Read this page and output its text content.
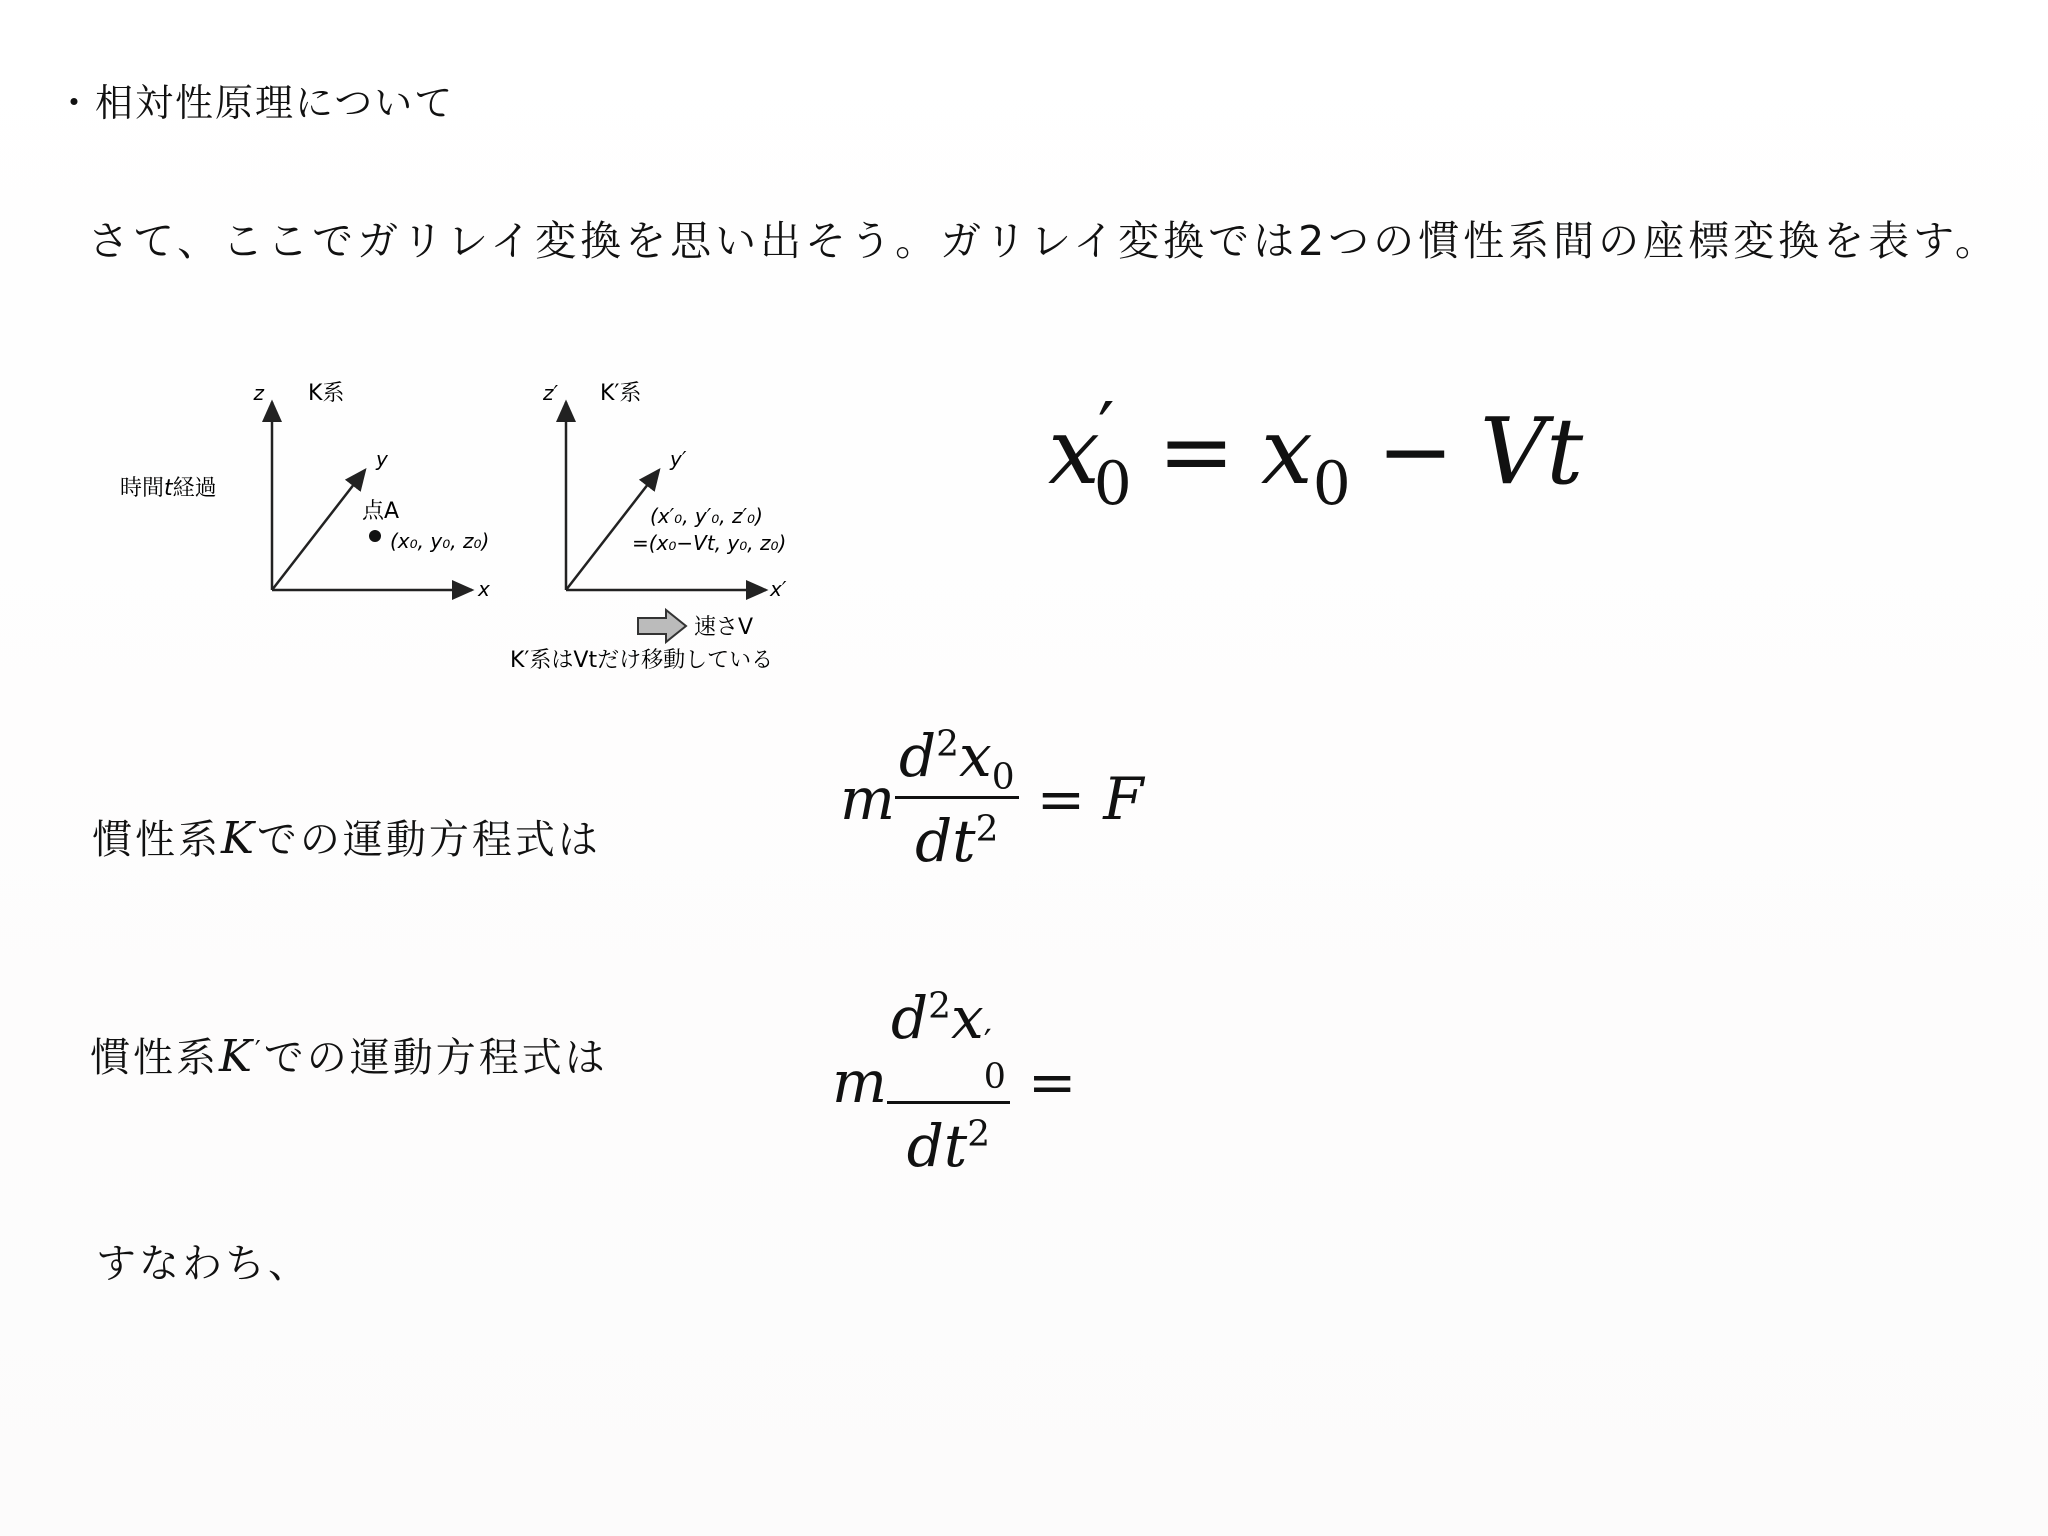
・相対性原理について
さて、ここでガリレイ変換を思い出そう。ガリレイ変換では2つの慣性系間の座標変換を表す。
z K系
y
x
時間t経過
点A
(x₀, y₀, z₀)
z′ K′系
y′
x′
(x′₀, y′₀, z′₀)
=(x₀−Vt, y₀, z₀)
速さV
K′系はVtだけ移動している
$x'_0 = x_0 - Vt$
慣性系Kでの運動方程式は
m $\frac{d^2x_0}{dt^2} = F$
慣性系K′での運動方程式は	m $d^2x$ ′
0
$dt^2$ =
すなわち、
